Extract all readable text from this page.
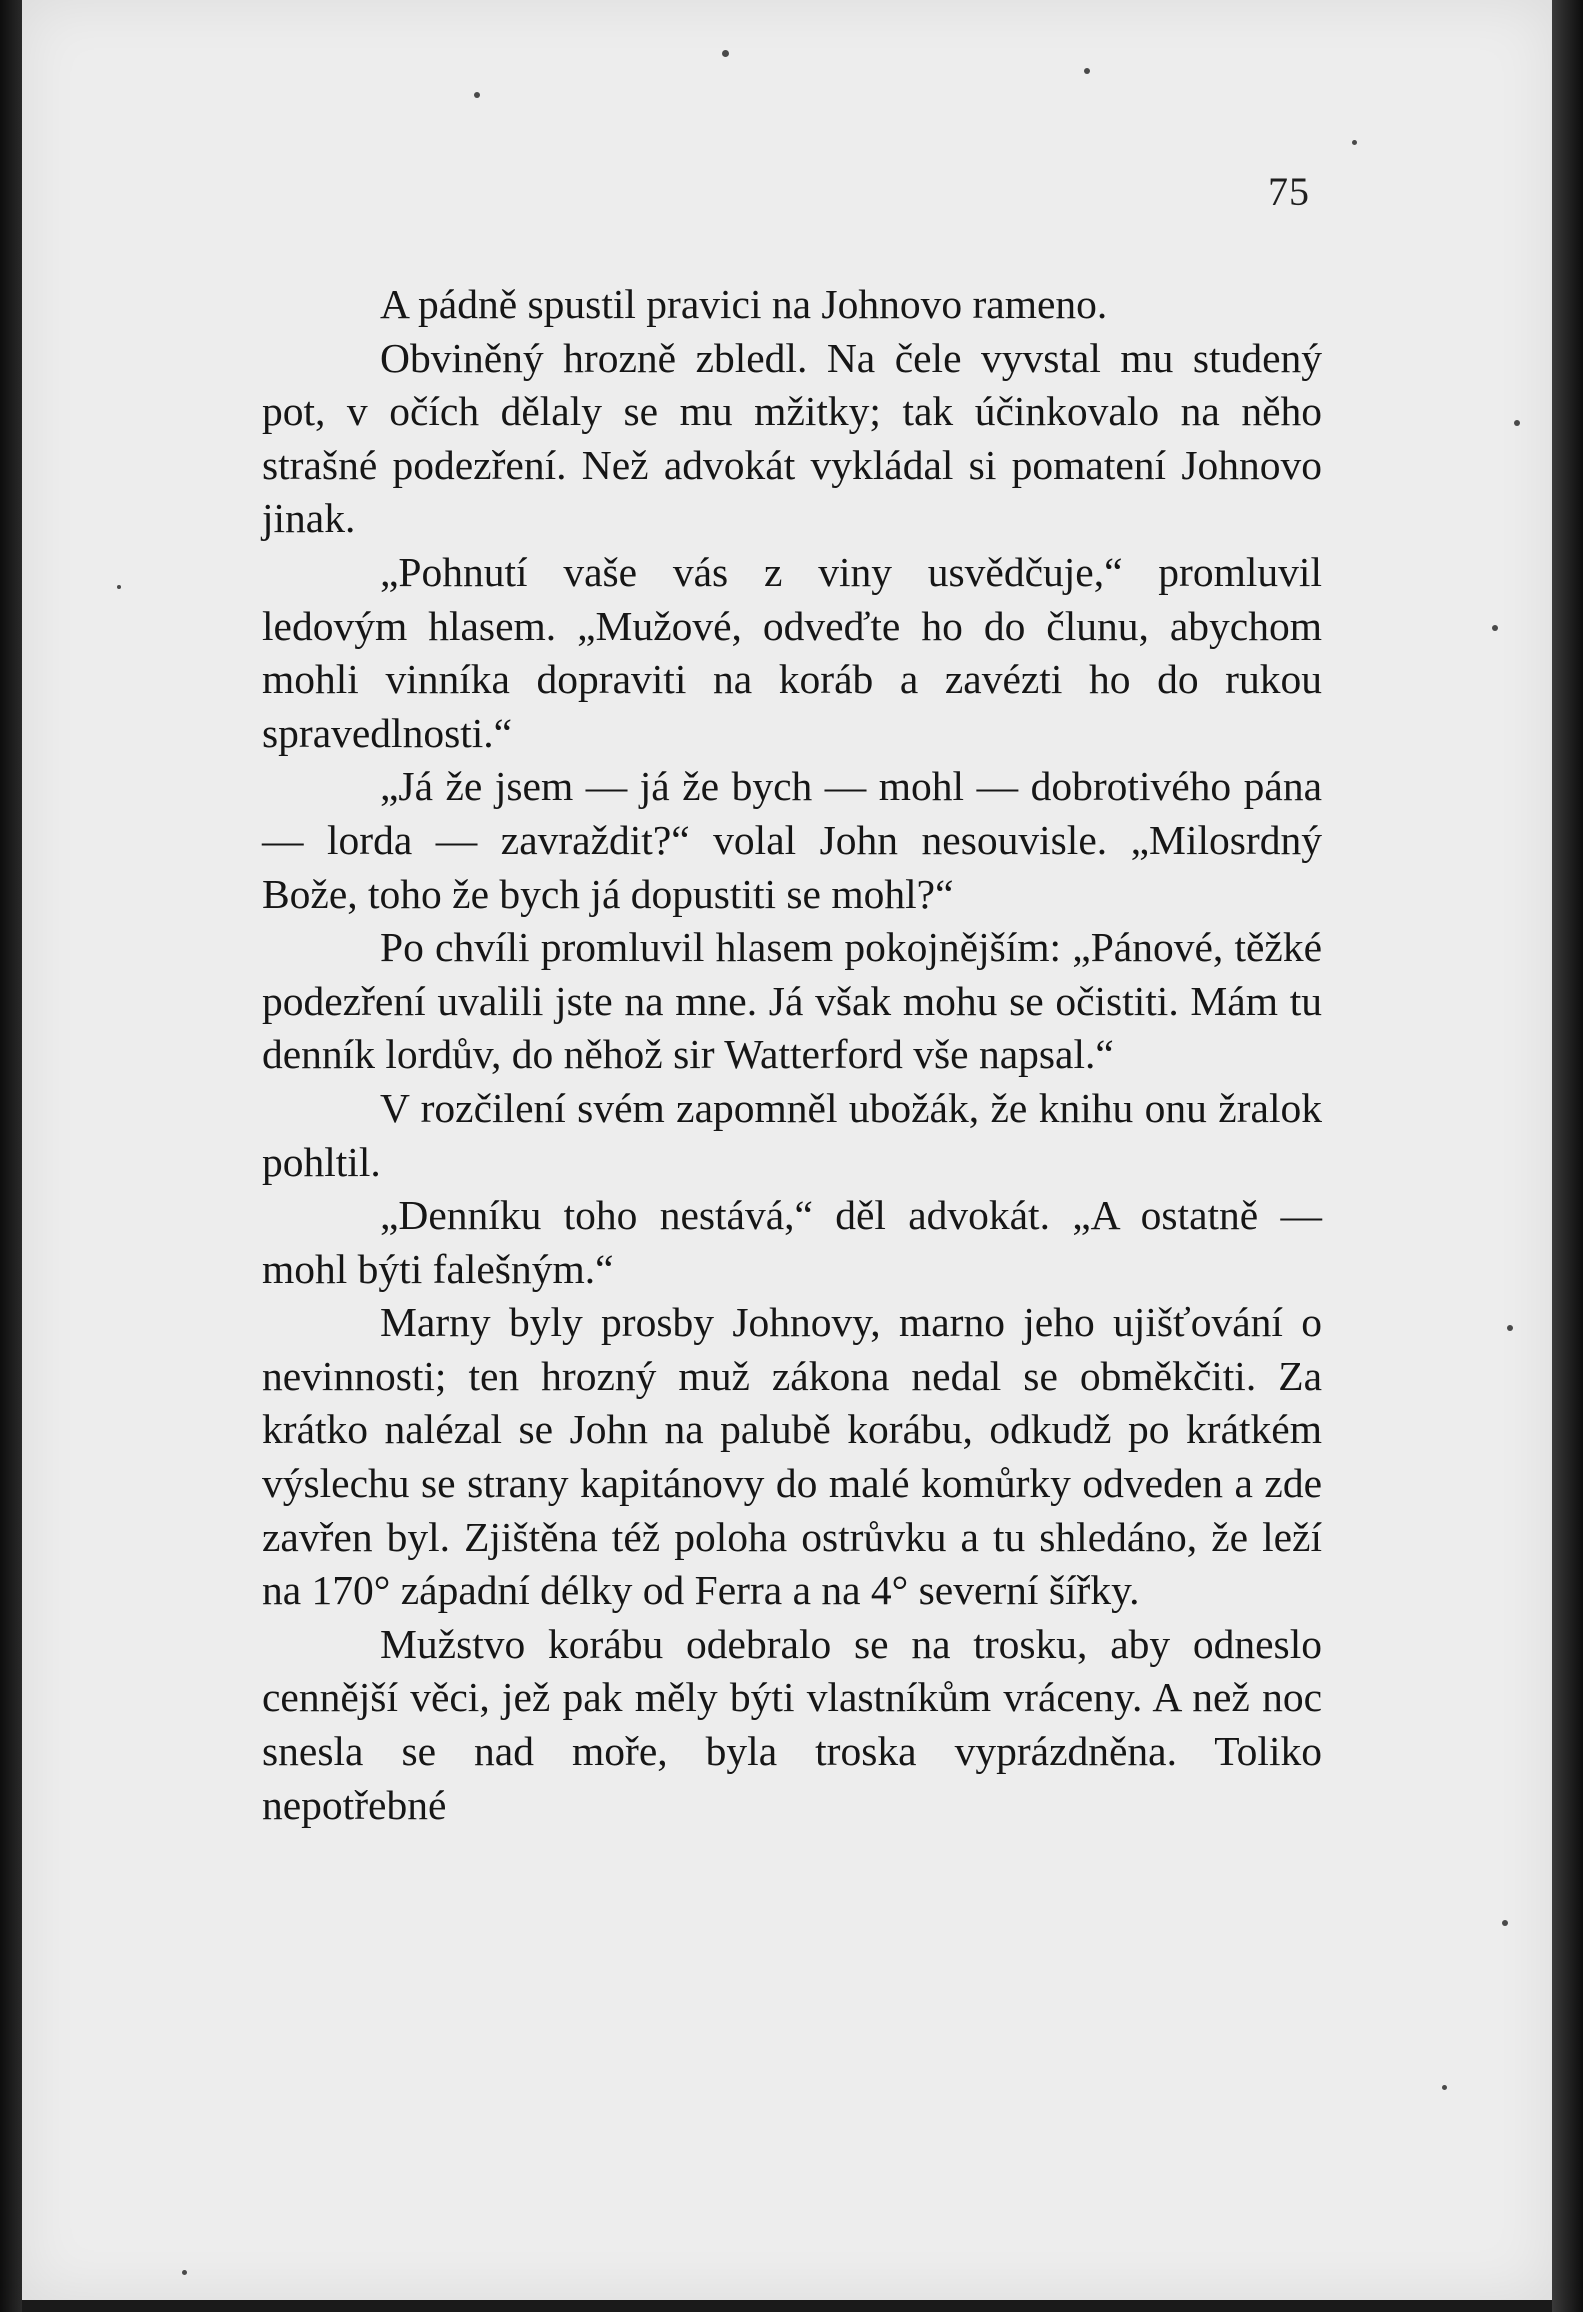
75

A pádně spustil pravici na Johnovo rameno.

Obviněný hrozně zbledl. Na čele vyvstal mu studený pot, v očích dělaly se mu mžitky; tak účinkovalo na něho strašné podezření. Než advokát vykládal si pomatení Johnovo jinak.

„Pohnutí vaše vás z viny usvědčuje,“ promluvil ledovým hlasem. „Mužové, odveďte ho do člunu, abychom mohli vinníka dopraviti na koráb a zavézti ho do rukou spravedlnosti.“

„Já že jsem — já že bych — mohl — dobrotivého pána — lorda — zavraždit?“ volal John nesouvisle. „Milosrdný Bože, toho že bych já dopustiti se mohl?“

Po chvíli promluvil hlasem pokojnějším: „Pánové, těžké podezření uvalili jste na mne. Já však mohu se očistiti. Mám tu denník lordův, do něhož sir Watterford vše napsal.“

V rozčilení svém zapomněl ubožák, že knihu onu žralok pohltil.

„Denníku toho nestává,“ děl advokát. „A ostatně — mohl býti falešným.“

Marny byly prosby Johnovy, marno jeho ujišťování o nevinnosti; ten hrozný muž zákona nedal se obměkčiti. Za krátko nalézal se John na palubě korábu, odkudž po krátkém výslechu se strany kapitánovy do malé komůrky odveden a zde zavřen byl. Zjištěna též poloha ostrůvku a tu shledáno, že leží na 170° západní délky od Ferra a na 4° severní šířky.

Mužstvo korábu odebralo se na trosku, aby odneslo cennější věci, jež pak měly býti vlastníkům vráceny. A než noc snesla se nad moře, byla troska vyprázdněna. Toliko nepotřebné
